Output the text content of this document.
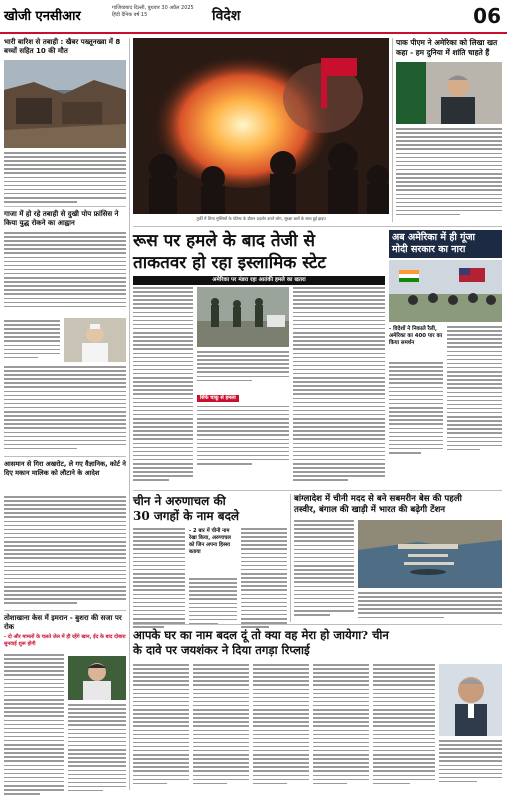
खोजी एनसीआर
गाजियाबाद दिल्ली, बुधवार 30 अप्रैल 2025
हिंदी दैनिक वर्ष 15	विदेश	06
भारी बारिश से तबाही : खैबर पख्तूनख्वा में 8 बच्चों सहित 10 की मौत
गाजा में हो रहे तबाही से दुखी पोप फ्रांसिस ने किया युद्ध रोकने का आह्वान
आसमान से गिरा अखरोट, ले गए वैज्ञानिक, कोर्ट ने दिए मकान मालिक को लौटाने के आदेश
तोशाखाना केस में इमरान - बुशरा की सजा पर रोक
- दो और मामलों के चलते जेल में ही रहेंगे खान, ईद के बाद दोबारा सुनवाई शुरू होगी
तुर्की में शिया मुस्लिमों के पोटेस्ट के दौरान प्रदर्शन करते लोग, सुरक्षा बलों के साथ हुई झड़प
पाक पीएम ने अमेरिका को लिखा खत कहा - हम दुनिया में शांति चाहते हैं
रूस पर हमले के बाद तेजी से
ताकतवर हो रहा इस्लामिक स्टेट
अमेरिका पर मंडरा रहा आतंकी हमले का खतरा
अब अमेरिका में ही गूंजा
मोदी सरकार का नारा
सिर्फ चाकू से हमला
- विदेशों ने निकाले रैली, अमेरिका का 400 पार का किया समर्थन
चीन ने अरुणाचल की
30 जगहों के नाम बदले
- 2 बार में चीनी नाम रेखा किया, अरुणाचल को जिन अपना हिस्सा बताया
बांग्लादेश में चीनी मदद से बने सबमरीन बेस की पहली
तस्वीर, बंगाल की खाड़ी में भारत की बढ़ेगी टेंशन
आपके घर का नाम बदल दूं तो क्या वह मेरा हो जायेगा? चीन
के दावे पर जयशंकर ने दिया तगड़ा रिप्लाई
